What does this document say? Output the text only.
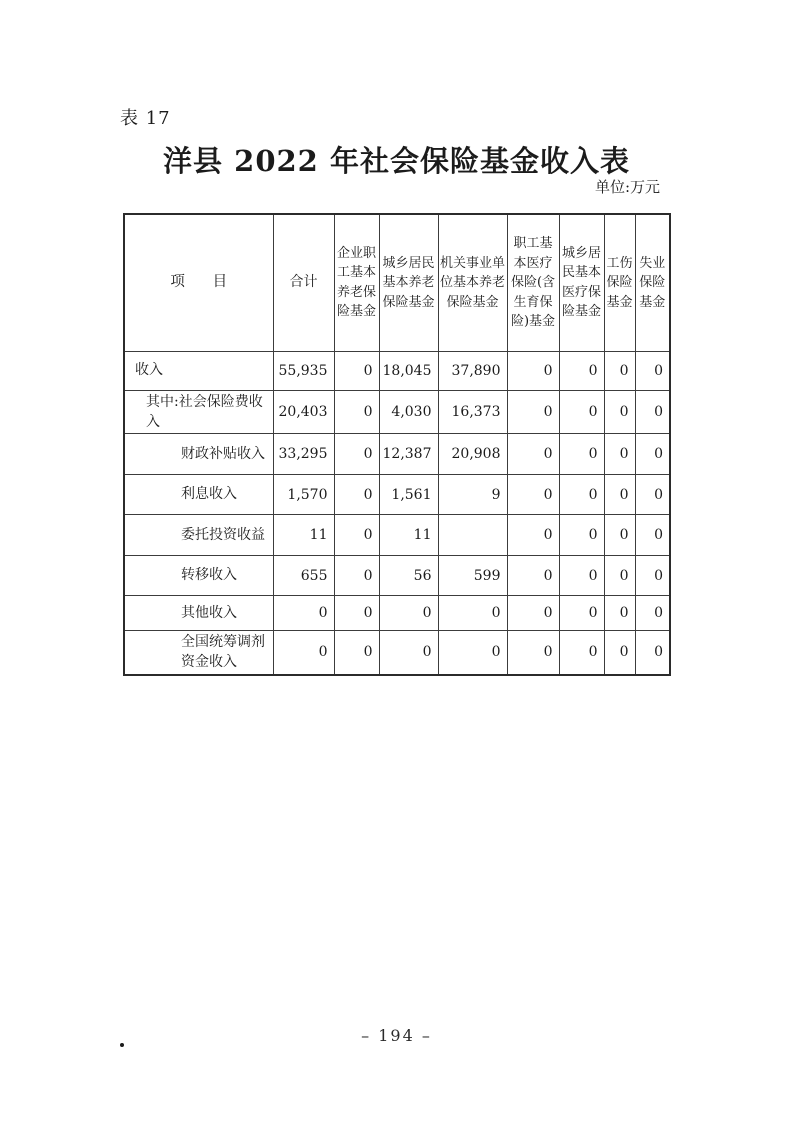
表 17
洋县 2022 年社会保险基金收入表
单位:万元
项      目	合计	企业职工基本养老保险基金	城乡居民基本养老保险基金	机关事业单位基本养老保险基金	职工基本医疗保险(含生育保险)基金	城乡居民基本医疗保险基金	工伤保险基金	失业保险基金
收入	55,935	0	18,045	37,890	0	0	0	0
其中:社会保险费收入	20,403	0	4,030	16,373	0	0	0	0
财政补贴收入	33,295	0	12,387	20,908	0	0	0	0
利息收入	1,570	0	1,561	9	0	0	0	0
委托投资收益	11	0	11		0	0	0	0
转移收入	655	0	56	599	0	0	0	0
其他收入	0	0	0	0	0	0	0	0
全国统筹调剂资金收入	0	0	0	0	0	0	0	0
– 194 –
